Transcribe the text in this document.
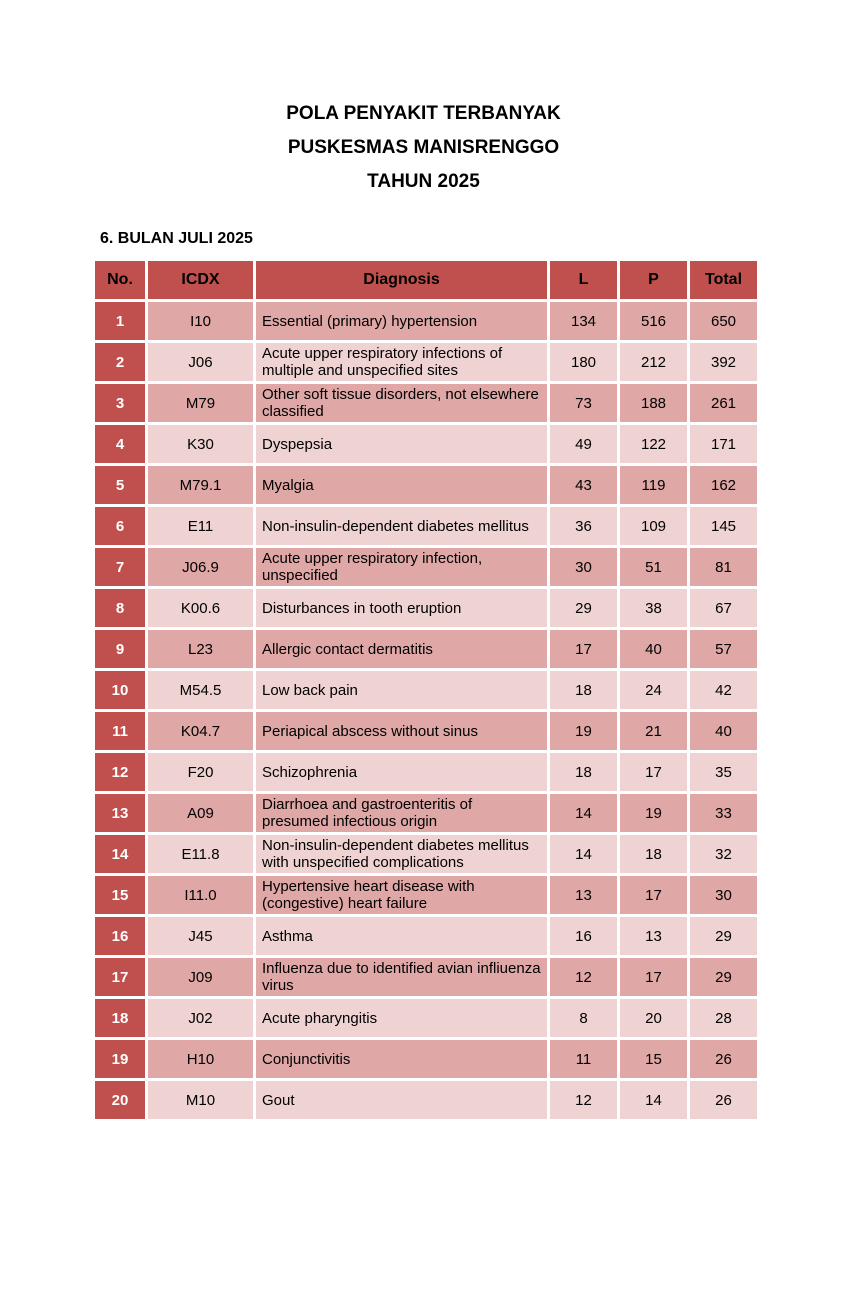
POLA PENYAKIT TERBANYAK
PUSKESMAS MANISRENGGO
TAHUN 2025
6. BULAN JULI 2025
No.	ICDX	Diagnosis	L	P	Total
1	I10	Essential (primary) hypertension	134	516	650
2	J06	Acute upper respiratory infections of multiple and unspecified sites	180	212	392
3	M79	Other soft tissue disorders, not elsewhere classified	73	188	261
4	K30	Dyspepsia	49	122	171
5	M79.1	Myalgia	43	119	162
6	E11	Non-insulin-dependent diabetes mellitus	36	109	145
7	J06.9	Acute upper respiratory infection, unspecified	30	51	81
8	K00.6	Disturbances in tooth eruption	29	38	67
9	L23	Allergic contact dermatitis	17	40	57
10	M54.5	Low back pain	18	24	42
11	K04.7	Periapical abscess without sinus	19	21	40
12	F20	Schizophrenia	18	17	35
13	A09	Diarrhoea and gastroenteritis of presumed infectious origin	14	19	33
14	E11.8	Non-insulin-dependent diabetes mellitus with unspecified complications	14	18	32
15	I11.0	Hypertensive heart disease with (congestive) heart failure	13	17	30
16	J45	Asthma	16	13	29
17	J09	Influenza due to identified avian infliuenza virus	12	17	29
18	J02	Acute pharyngitis	8	20	28
19	H10	Conjunctivitis	11	15	26
20	M10	Gout	12	14	26
